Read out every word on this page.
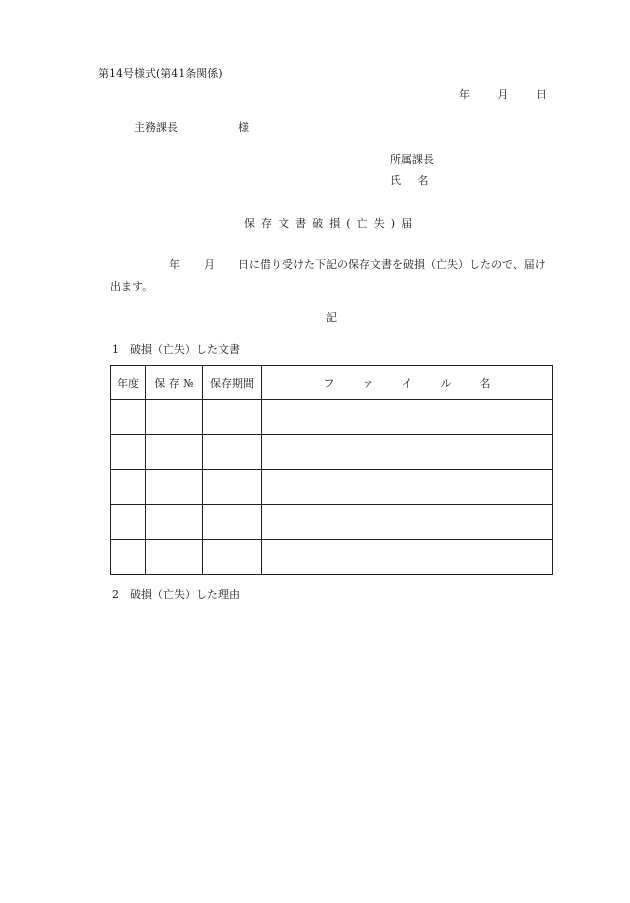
第14号様式(第41条関係)
年	月	日
主務課長	様
所属課長
氏名
保存文書破損(亡失)届
年 月 日に借り受けた下記の保存文書を破損（亡失）したので、届け
出ます。
記
1　破損（亡失）した文書
年度	保 存 №	保存期間	フ ァ イ ル 名

2　破損（亡失）した理由
